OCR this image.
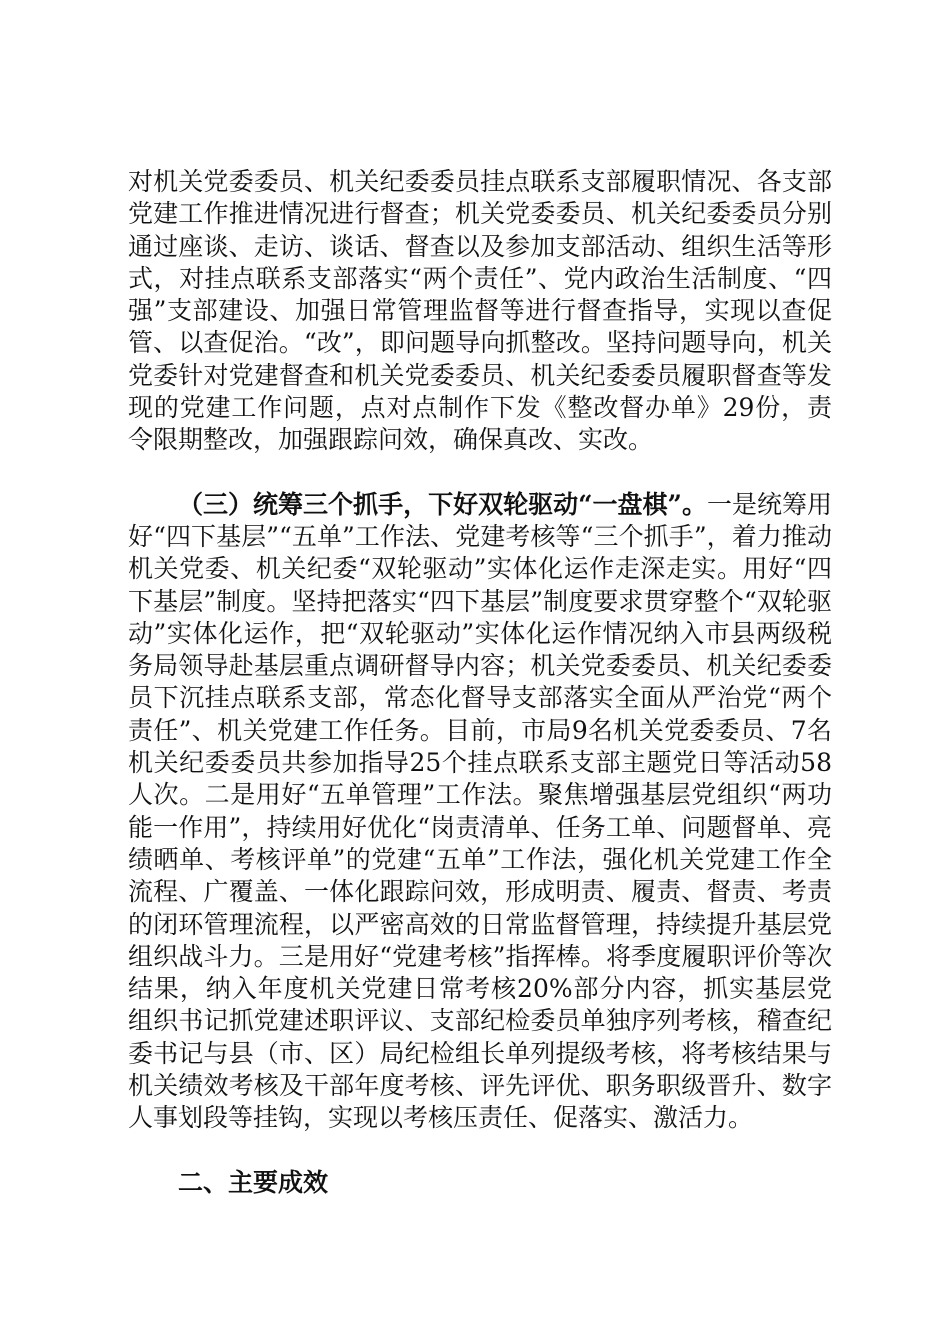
对机关党委委员、机关纪委委员挂点联系支部履职情况、各支部党建工作推进情况进行督查；机关党委委员、机关纪委委员分别通过座谈、走访、谈话、督查以及参加支部活动、组织生活等形式，对挂点联系支部落实“两个责任”、党内政治生活制度、“四强”支部建设、加强日常管理监督等进行督查指导，实现以查促管、以查促治。“改”，即问题导向抓整改。坚持问题导向，机关党委针对党建督查和机关党委委员、机关纪委委员履职督查等发现的党建工作问题，点对点制作下发《整改督办单》29份，责令限期整改，加强跟踪问效，确保真改、实改。

（三）统筹三个抓手，下好双轮驱动“一盘棋”。一是统筹用好“四下基层”“五单”工作法、党建考核等“三个抓手”，着力推动机关党委、机关纪委“双轮驱动”实体化运作走深走实。用好“四下基层”制度。坚持把落实“四下基层”制度要求贯穿整个“双轮驱动”实体化运作，把“双轮驱动”实体化运作情况纳入市县两级税务局领导赴基层重点调研督导内容；机关党委委员、机关纪委委员下沉挂点联系支部，常态化督导支部落实全面从严治党“两个责任”、机关党建工作任务。目前，市局9名机关党委委员、7名机关纪委委员共参加指导25个挂点联系支部主题党日等活动58人次。二是用好“五单管理”工作法。聚焦增强基层党组织“两功能一作用”，持续用好优化“岗责清单、任务工单、问题督单、亮绩晒单、考核评单”的党建“五单”工作法，强化机关党建工作全流程、广覆盖、一体化跟踪问效，形成明责、履责、督责、考责的闭环管理流程，以严密高效的日常监督管理，持续提升基层党组织战斗力。三是用好“党建考核”指挥棒。将季度履职评价等次结果，纳入年度机关党建日常考核20%部分内容，抓实基层党组织书记抓党建述职评议、支部纪检委员单独序列考核，稽查纪委书记与县（市、区）局纪检组长单列提级考核，将考核结果与机关绩效考核及干部年度考核、评先评优、职务职级晋升、数字人事划段等挂钩，实现以考核压责任、促落实、激活力。

二、主要成效
